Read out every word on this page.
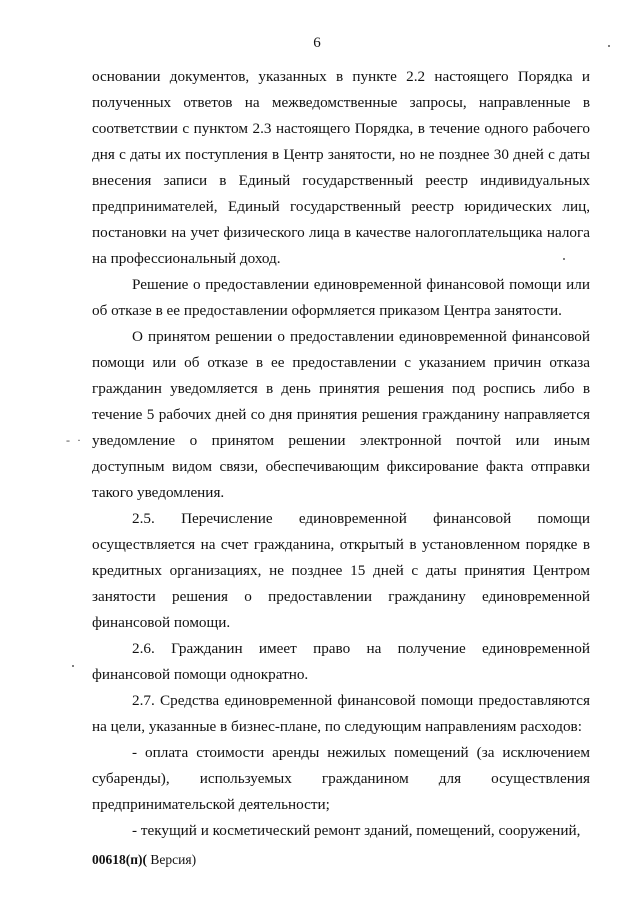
6
- ·

основании документов, указанных в пункте 2.2 настоящего Порядка и полученных ответов на межведомственные запросы, направленные в соответствии с пунктом 2.3 настоящего Порядка, в течение одного рабочего дня с даты их поступления в Центр занятости, но не позднее 30 дней с даты внесения записи в Единый государственный реестр индивидуальных предпринимателей, Единый государственный реестр юридических лиц, постановки на учет физического лица в качестве налогоплательщика налога на профессиональный доход.

Решение о предоставлении единовременной финансовой помощи или об отказе в ее предоставлении оформляется приказом Центра занятости.

О принятом решении о предоставлении единовременной финансовой помощи или об отказе в ее предоставлении с указанием причин отказа гражданин уведомляется в день принятия решения под роспись либо в течение 5 рабочих дней со дня принятия решения гражданину направляется уведомление о принятом решении электронной почтой или иным доступным видом связи, обеспечивающим фиксирование факта отправки такого уведомления.

2.5. Перечисление единовременной финансовой помощи осуществляется на счет гражданина, открытый в установленном порядке в кредитных организациях, не позднее 15 дней с даты принятия Центром занятости решения о предоставлении гражданину единовременной финансовой помощи.

2.6. Гражданин имеет право на получение единовременной финансовой помощи однократно.

2.7. Средства единовременной финансовой помощи предоставляются на цели, указанные в бизнес-плане, по следующим направлениям расходов:

- оплата стоимости аренды нежилых помещений (за исключением субаренды), используемых гражданином для осуществления предпринимательской деятельности;

- текущий и косметический ремонт зданий, помещений, сооружений,

00618(п)( Версия)
